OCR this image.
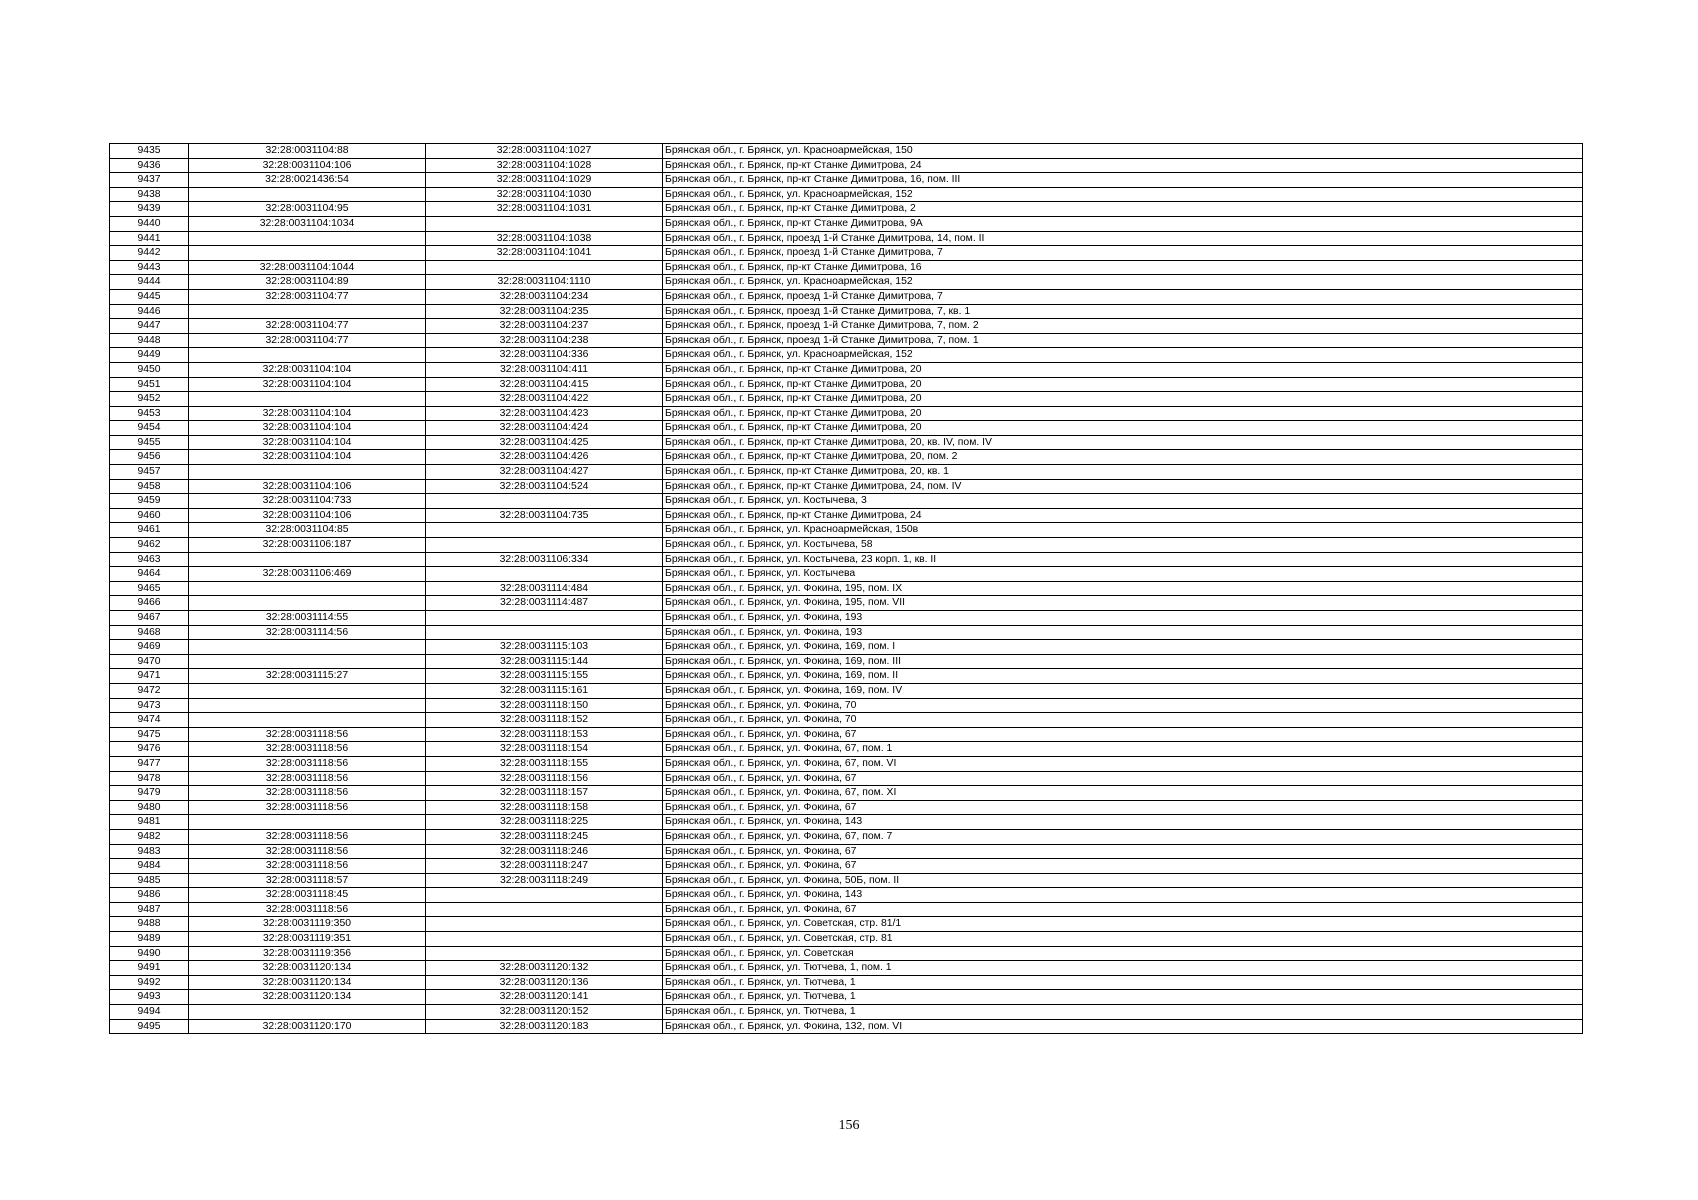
9435	32:28:0031104:88	32:28:0031104:1027	Брянская обл., г. Брянск, ул. Красноармейская, 150
9436	32:28:0031104:106	32:28:0031104:1028	Брянская обл., г. Брянск, пр-кт Станке Димитрова, 24
9437	32:28:0021436:54	32:28:0031104:1029	Брянская обл., г. Брянск, пр-кт Станке Димитрова, 16, пом. III
9438		32:28:0031104:1030	Брянская обл., г. Брянск, ул. Красноармейская, 152
9439	32:28:0031104:95	32:28:0031104:1031	Брянская обл., г. Брянск, пр-кт Станке Димитрова, 2
9440	32:28:0031104:1034		Брянская обл., г. Брянск, пр-кт Станке Димитрова, 9А
9441		32:28:0031104:1038	Брянская обл., г. Брянск, проезд 1-й Станке Димитрова, 14, пом. II
9442		32:28:0031104:1041	Брянская обл., г. Брянск, проезд 1-й Станке Димитрова, 7
9443	32:28:0031104:1044		Брянская обл., г. Брянск, пр-кт Станке Димитрова, 16
9444	32:28:0031104:89	32:28:0031104:1110	Брянская обл., г. Брянск, ул. Красноармейская, 152
9445	32:28:0031104:77	32:28:0031104:234	Брянская обл., г. Брянск, проезд 1-й Станке Димитрова, 7
9446		32:28:0031104:235	Брянская обл., г. Брянск, проезд 1-й Станке Димитрова, 7, кв. 1
9447	32:28:0031104:77	32:28:0031104:237	Брянская обл., г. Брянск, проезд 1-й Станке Димитрова, 7, пом. 2
9448	32:28:0031104:77	32:28:0031104:238	Брянская обл., г. Брянск, проезд 1-й Станке Димитрова, 7, пом. 1
9449		32:28:0031104:336	Брянская обл., г. Брянск, ул. Красноармейская, 152
9450	32:28:0031104:104	32:28:0031104:411	Брянская обл., г. Брянск, пр-кт Станке Димитрова, 20
9451	32:28:0031104:104	32:28:0031104:415	Брянская обл., г. Брянск, пр-кт Станке Димитрова, 20
9452		32:28:0031104:422	Брянская обл., г. Брянск, пр-кт Станке Димитрова, 20
9453	32:28:0031104:104	32:28:0031104:423	Брянская обл., г. Брянск, пр-кт Станке Димитрова, 20
9454	32:28:0031104:104	32:28:0031104:424	Брянская обл., г. Брянск, пр-кт Станке Димитрова, 20
9455	32:28:0031104:104	32:28:0031104:425	Брянская обл., г. Брянск, пр-кт Станке Димитрова, 20, кв. IV, пом. IV
9456	32:28:0031104:104	32:28:0031104:426	Брянская обл., г. Брянск, пр-кт Станке Димитрова, 20, пом. 2
9457		32:28:0031104:427	Брянская обл., г. Брянск, пр-кт Станке Димитрова, 20, кв. 1
9458	32:28:0031104:106	32:28:0031104:524	Брянская обл., г. Брянск, пр-кт Станке Димитрова, 24, пом. IV
9459	32:28:0031104:733		Брянская обл., г. Брянск, ул. Костычева, 3
9460	32:28:0031104:106	32:28:0031104:735	Брянская обл., г. Брянск, пр-кт Станке Димитрова, 24
9461	32:28:0031104:85		Брянская обл., г. Брянск, ул. Красноармейская, 150в
9462	32:28:0031106:187		Брянская обл., г. Брянск, ул. Костычева, 58
9463		32:28:0031106:334	Брянская обл., г. Брянск, ул. Костычева, 23 корп. 1, кв. II
9464	32:28:0031106:469		Брянская обл., г. Брянск, ул. Костычева
9465		32:28:0031114:484	Брянская обл., г. Брянск, ул. Фокина, 195, пом. IX
9466		32:28:0031114:487	Брянская обл., г. Брянск, ул. Фокина, 195, пом. VII
9467	32:28:0031114:55		Брянская обл., г. Брянск, ул. Фокина, 193
9468	32:28:0031114:56		Брянская обл., г. Брянск, ул. Фокина, 193
9469		32:28:0031115:103	Брянская обл., г. Брянск, ул. Фокина, 169, пом. I
9470		32:28:0031115:144	Брянская обл., г. Брянск, ул. Фокина, 169, пом. III
9471	32:28:0031115:27	32:28:0031115:155	Брянская обл., г. Брянск, ул. Фокина, 169, пом. II
9472		32:28:0031115:161	Брянская обл., г. Брянск, ул. Фокина, 169, пом. IV
9473		32:28:0031118:150	Брянская обл., г. Брянск, ул. Фокина, 70
9474		32:28:0031118:152	Брянская обл., г. Брянск, ул. Фокина, 70
9475	32:28:0031118:56	32:28:0031118:153	Брянская обл., г. Брянск, ул. Фокина, 67
9476	32:28:0031118:56	32:28:0031118:154	Брянская обл., г. Брянск, ул. Фокина, 67, пом. 1
9477	32:28:0031118:56	32:28:0031118:155	Брянская обл., г. Брянск, ул. Фокина, 67, пом. VI
9478	32:28:0031118:56	32:28:0031118:156	Брянская обл., г. Брянск, ул. Фокина, 67
9479	32:28:0031118:56	32:28:0031118:157	Брянская обл., г. Брянск, ул. Фокина, 67, пом. XI
9480	32:28:0031118:56	32:28:0031118:158	Брянская обл., г. Брянск, ул. Фокина, 67
9481		32:28:0031118:225	Брянская обл., г. Брянск, ул. Фокина, 143
9482	32:28:0031118:56	32:28:0031118:245	Брянская обл., г. Брянск, ул. Фокина, 67, пом. 7
9483	32:28:0031118:56	32:28:0031118:246	Брянская обл., г. Брянск, ул. Фокина, 67
9484	32:28:0031118:56	32:28:0031118:247	Брянская обл., г. Брянск, ул. Фокина, 67
9485	32:28:0031118:57	32:28:0031118:249	Брянская обл., г. Брянск, ул. Фокина, 50Б, пом. II
9486	32:28:0031118:45		Брянская обл., г. Брянск, ул. Фокина, 143
9487	32:28:0031118:56		Брянская обл., г. Брянск, ул. Фокина, 67
9488	32:28:0031119:350		Брянская обл., г. Брянск, ул. Советская, стр. 81/1
9489	32:28:0031119:351		Брянская обл., г. Брянск, ул. Советская, стр. 81
9490	32:28:0031119:356		Брянская обл., г. Брянск, ул. Советская
9491	32:28:0031120:134	32:28:0031120:132	Брянская обл., г. Брянск, ул. Тютчева, 1, пом. 1
9492	32:28:0031120:134	32:28:0031120:136	Брянская обл., г. Брянск, ул. Тютчева, 1
9493	32:28:0031120:134	32:28:0031120:141	Брянская обл., г. Брянск, ул. Тютчева, 1
9494		32:28:0031120:152	Брянская обл., г. Брянск, ул. Тютчева, 1
9495	32:28:0031120:170	32:28:0031120:183	Брянская обл., г. Брянск, ул. Фокина, 132, пом. VI
156
